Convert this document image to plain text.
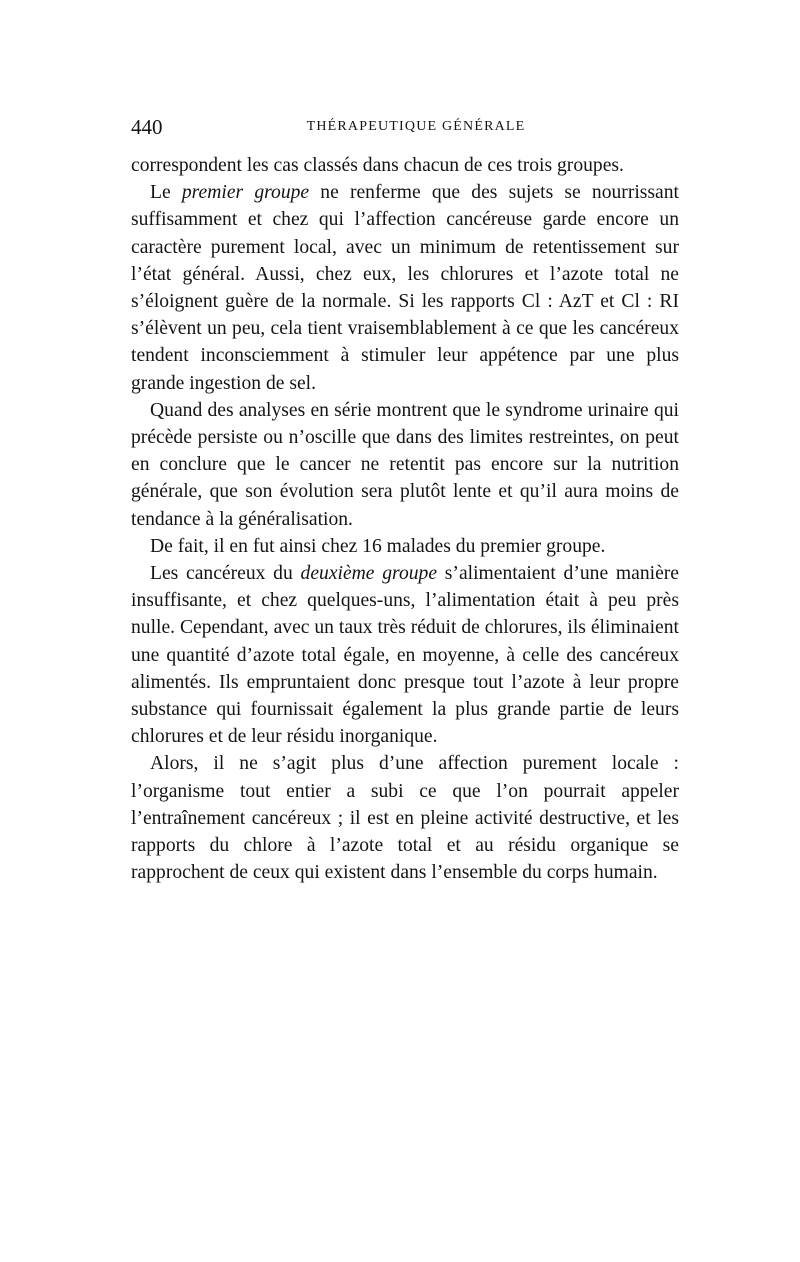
440	THÉRAPEUTIQUE GÉNÉRALE

correspondent les cas classés dans chacun de ces trois groupes.

Le premier groupe ne renferme que des sujets se nourrissant suffisamment et chez qui l’affection cancéreuse garde encore un caractère purement local, avec un minimum de retentissement sur l’état général. Aussi, chez eux, les chlorures et l’azote total ne s’éloignent guère de la normale. Si les rapports Cl : AzT et Cl : RI s’élèvent un peu, cela tient vraisemblablement à ce que les cancéreux tendent inconsciemment à stimuler leur appétence par une plus grande ingestion de sel.

Quand des analyses en série montrent que le syndrome urinaire qui précède persiste ou n’oscille que dans des limites restreintes, on peut en conclure que le cancer ne retentit pas encore sur la nutrition générale, que son évolution sera plutôt lente et qu’il aura moins de tendance à la généralisation.

De fait, il en fut ainsi chez 16 malades du premier groupe.

Les cancéreux du deuxième groupe s’alimentaient d’une manière insuffisante, et chez quelques-uns, l’alimentation était à peu près nulle. Cependant, avec un taux très réduit de chlorures, ils éliminaient une quantité d’azote total égale, en moyenne, à celle des cancéreux alimentés. Ils empruntaient donc presque tout l’azote à leur propre substance qui fournissait également la plus grande partie de leurs chlorures et de leur résidu inorganique.

Alors, il ne s’agit plus d’une affection purement locale : l’organisme tout entier a subi ce que l’on pourrait appeler l’entraînement cancéreux ; il est en pleine activité destructive, et les rapports du chlore à l’azote total et au résidu organique se rapprochent de ceux qui existent dans l’ensemble du corps humain.
